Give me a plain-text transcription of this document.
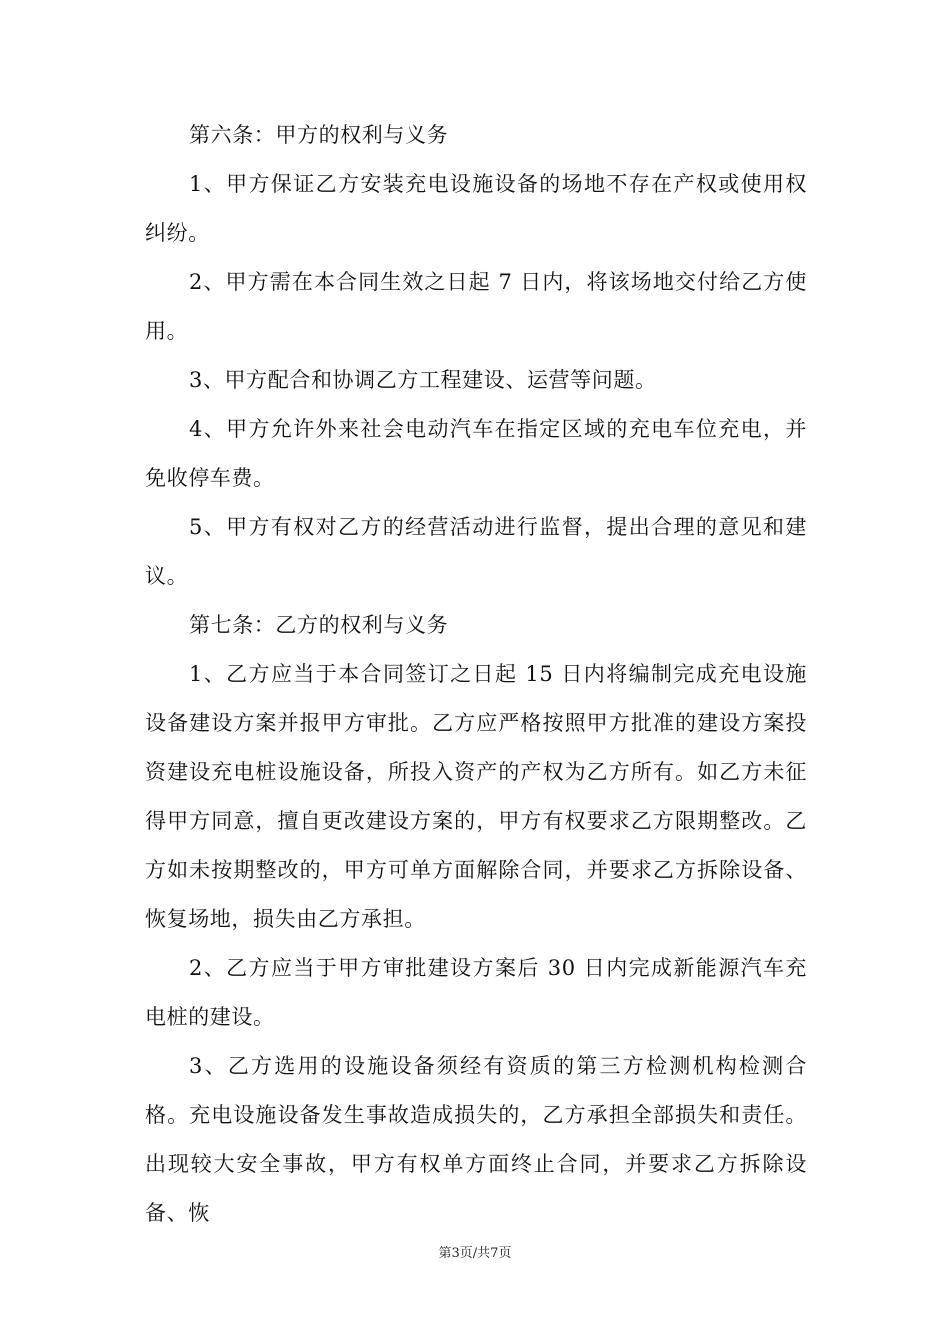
第六条：甲方的权利与义务

1、甲方保证乙方安装充电设施设备的场地不存在产权或使用权纠纷。

2、甲方需在本合同生效之日起 7 日内，将该场地交付给乙方使用。

3、甲方配合和协调乙方工程建设、运营等问题。

4、甲方允许外来社会电动汽车在指定区域的充电车位充电，并免收停车费。

5、甲方有权对乙方的经营活动进行监督，提出合理的意见和建议。

第七条：乙方的权利与义务

1、乙方应当于本合同签订之日起 15 日内将编制完成充电设施设备建设方案并报甲方审批。乙方应严格按照甲方批准的建设方案投资建设充电桩设施设备，所投入资产的产权为乙方所有。如乙方未征得甲方同意，擅自更改建设方案的，甲方有权要求乙方限期整改。乙方如未按期整改的，甲方可单方面解除合同，并要求乙方拆除设备、恢复场地，损失由乙方承担。

2、乙方应当于甲方审批建设方案后 30 日内完成新能源汽车充电桩的建设。

3、乙方选用的设施设备须经有资质的第三方检测机构检测合格。充电设施设备发生事故造成损失的，乙方承担全部损失和责任。出现较大安全事故，甲方有权单方面终止合同，并要求乙方拆除设备、恢

第3页/共7页
